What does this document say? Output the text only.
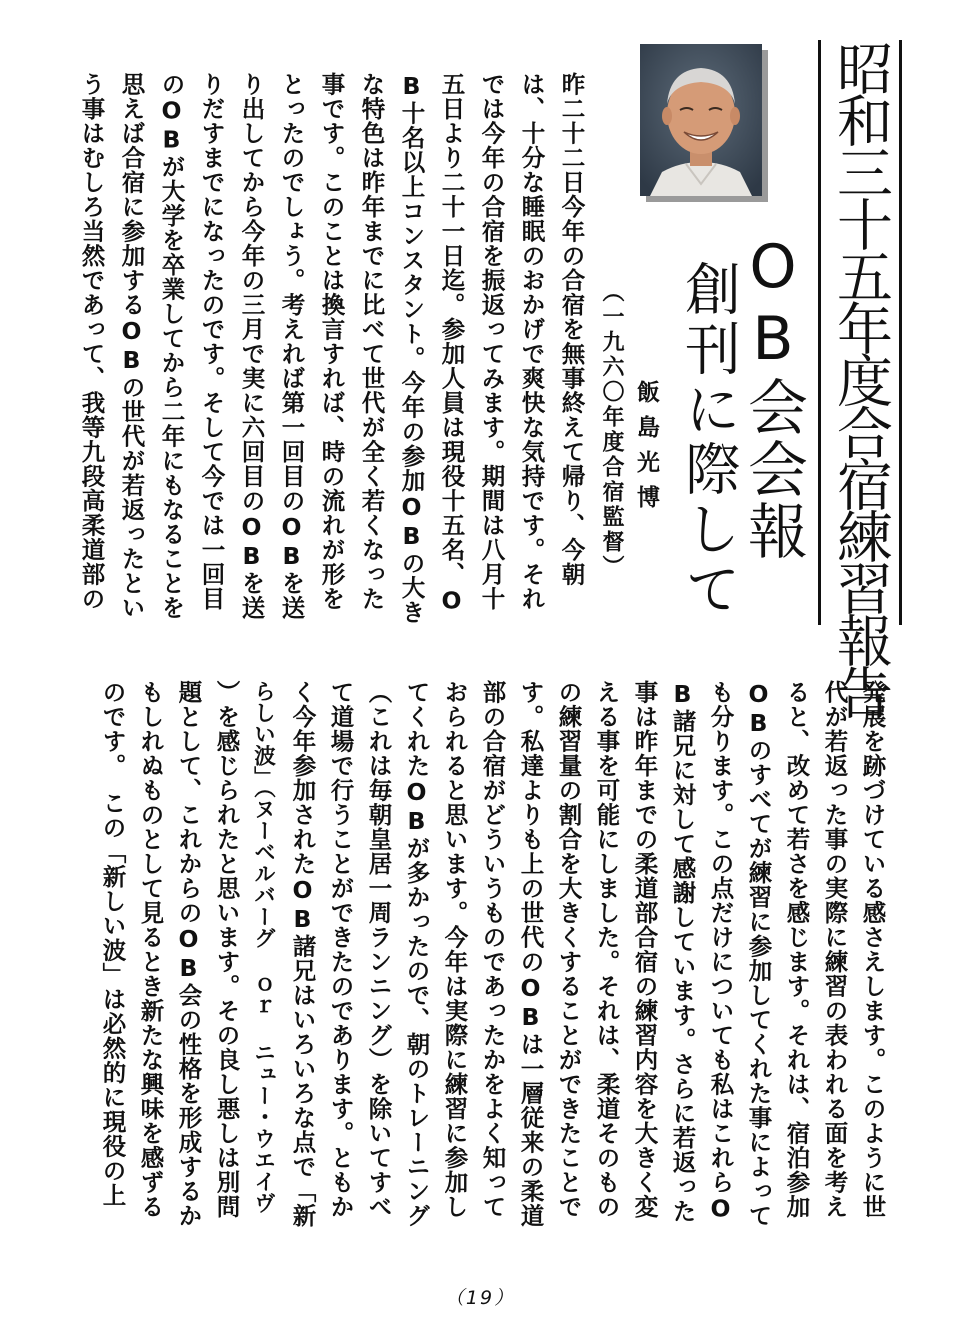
昭和三十五年度合宿練習報告
OB会会報
創刊に際して
飯島光博
（一九六〇年度合宿監督）
昨二十二日今年の合宿を無事終えて帰り、今朝
は、十分な睡眠のおかげで爽快な気持です。それ
では今年の合宿を振返ってみます。期間は八月十
五日より二十一日迄。参加人員は現役十五名、O
B十名以上コンスタント。今年の参加OBの大き
な特色は昨年までに比べて世代が全く若くなった
事です。このことは換言すれば、時の流れが形を
とったのでしょう。考えれば第一回目のOBを送
り出してから今年の三月で実に六回目のOBを送
りだすまでになったのです。そして今では一回目
のOBが大学を卒業してから二年にもなることを
思えば合宿に参加するOBの世代が若返ったとい
う事はむしろ当然であって、我等九段高柔道部の
発展を跡づけている感さえします。このように世
代が若返った事の実際に練習の表われる面を考え
ると、改めて若さを感じます。それは、宿泊参加
OBのすべてが練習に参加してくれた事によって
も分ります。この点だけについても私はこれらO
B諸兄に対して感謝しています。さらに若返った
事は昨年までの柔道部合宿の練習内容を大きく変
える事を可能にしました。それは、柔道そのもの
の練習量の割合を大きくすることができたことで
す。私達よりも上の世代のOBは一層従来の柔道
部の合宿がどういうものであったかをよく知って
おられると思います。今年は実際に練習に参加し
てくれたOBが多かったので、朝のトレーニング
（これは毎朝皇居一周ランニング）を除いてすべ
て道場で行うことができたのであります。ともか
く今年参加されたOB諸兄はいろいろな点で「新
らしい波」（ヌーベルバーグ ｏｒ ニュー・ウエイヴ
）を感じられたと思います。その良し悪しは別問
題として、これからのOB会の性格を形成するか
もしれぬものとして見るとき新たな興味を感ずる
のです。　この「新しい波」は必然的に現役の上
（19）
